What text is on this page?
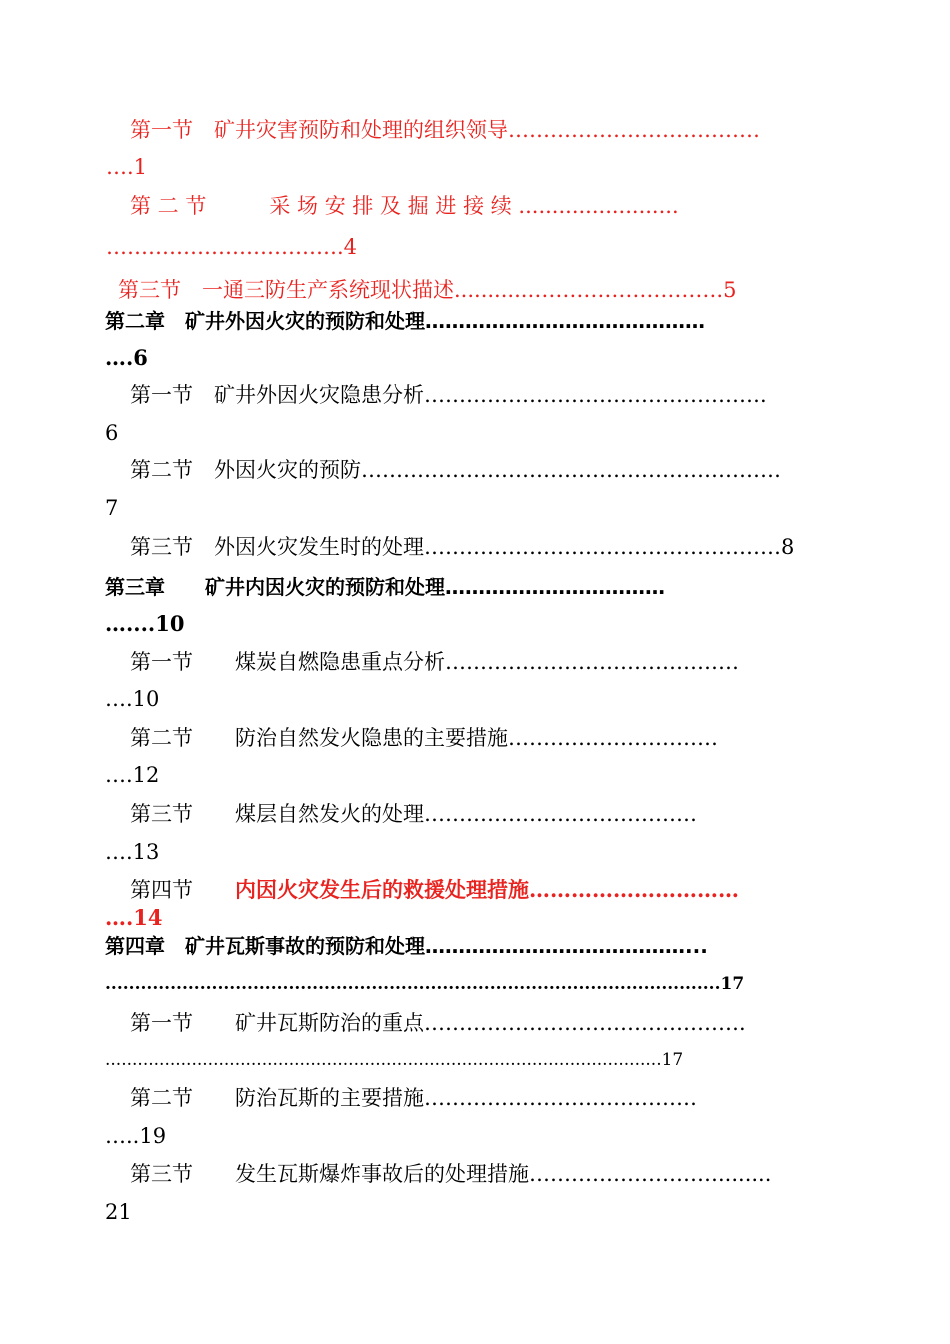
第一节　矿井灾害预防和处理的组织领导………………………………
….1
第 二 节　　　采 场 安 排 及 掘 进 接 续 ........................
…………………………….4
第三节　一通三防生产系统现状描述...........……………………….5
第二章　矿井外因火灾的预防和处理……………………………………
….6
第一节　矿井外因火灾隐患分析………………………………………….
6
第二节　外因火灾的预防……………………………………………………
7
第三节　外因火灾发生时的处理……………………………………………8
第三章　　矿井内因火灾的预防和处理……………………………
…....10
第一节　　煤炭自燃隐患重点分析……………………………………
….10
第二节　　防治自然发火隐患的主要措施…………………………
….12
第三节　　煤层自然发火的处理…………………………………
….13
第四节　　内因火灾发生后的救援处理措施…………………………
….14
第四章　矿井瓦斯事故的预防和处理…………………………………...
........................................................................................................17
第一节　　矿井瓦斯防治的重点……………………………………….
.......................................................................................................17
第二节　　防治瓦斯的主要措施…………………………………
…..19
第三节　　发生瓦斯爆炸事故后的处理措施………………………........
21
